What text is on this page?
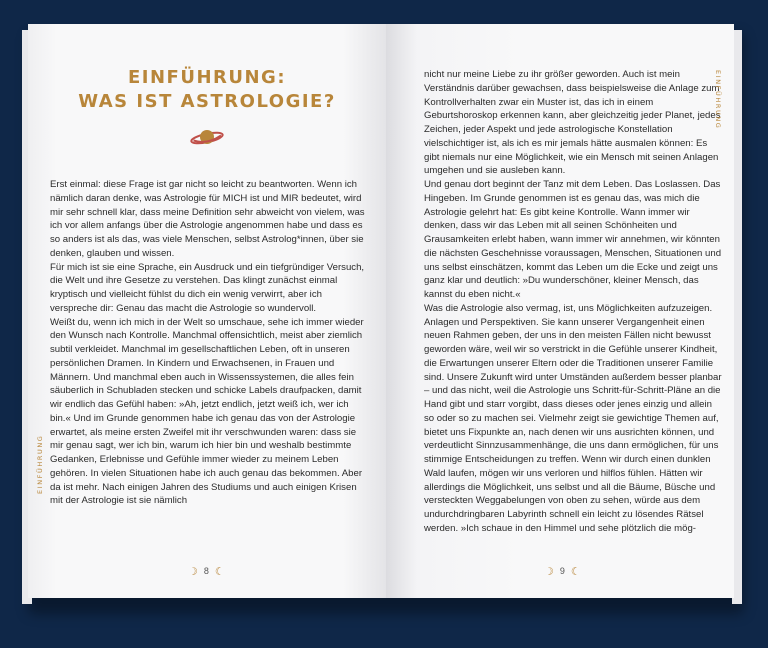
EINFÜHRUNG:
WAS IST ASTROLOGIE?

Erst einmal: diese Frage ist gar nicht so leicht zu beantworten. Wenn ich nämlich daran denke, was Astrologie für MICH ist und MIR bedeutet, wird mir sehr schnell klar, dass meine Definition sehr abweicht von vielem, was ich vor allem anfangs über die Astrologie angenommen habe und dass es so anders ist als das, was viele Menschen, selbst Astrolog*innen, über sie denken, glauben und wissen.

Für mich ist sie eine Sprache, ein Ausdruck und ein tiefgründiger Versuch, die Welt und ihre Gesetze zu verstehen. Das klingt zunächst einmal kryptisch und vielleicht fühlst du dich ein wenig verwirrt, aber ich verspreche dir: Genau das macht die Astrologie so wundervoll.

Weißt du, wenn ich mich in der Welt so umschaue, sehe ich immer wieder den Wunsch nach Kontrolle. Manchmal offensichtlich, meist aber ziemlich subtil verkleidet. Manchmal im gesellschaftlichen Leben, oft in unseren persönlichen Dramen. In Kindern und Erwachsenen, in Frauen und Männern. Und manchmal eben auch in Wissenssystemen, die alles fein säuberlich in Schubladen stecken und schicke Labels draufpacken, damit wir endlich das Gefühl haben: »Ah, jetzt endlich, jetzt weiß ich, wer ich bin.« Und im Grunde genommen habe ich genau das von der Astrologie erwartet, als meine ersten Zweifel mit ihr verschwunden waren: dass sie mir genau sagt, wer ich bin, warum ich hier bin und weshalb bestimmte Gedanken, Erlebnisse und Gefühle immer wieder zu meinem Leben gehören. In vielen Situationen habe ich auch genau das bekommen. Aber da ist mehr. Nach einigen Jahren des Studiums und auch einigen Krisen mit der Astrologie ist sie nämlich

EINFÜHRUNG
☽ 8 ☾

nicht nur meine Liebe zu ihr größer geworden. Auch ist mein Verständnis darüber gewachsen, dass beispielsweise die Anlage zum Kontrollverhalten zwar ein Muster ist, das ich in einem Geburtshoroskop erkennen kann, aber gleichzeitig jeder Planet, jedes Zeichen, jeder Aspekt und jede astrologische Konstellation vielschichtiger ist, als ich es mir jemals hätte ausmalen können: Es gibt niemals nur eine Möglichkeit, wie ein Mensch mit seinen Anlagen umgehen und sie ausleben kann.

Und genau dort beginnt der Tanz mit dem Leben. Das Loslassen. Das Hingeben. Im Grunde genommen ist es genau das, was mich die Astrologie gelehrt hat: Es gibt keine Kontrolle. Wann immer wir denken, dass wir das Leben mit all seinen Schönheiten und Grausamkeiten erlebt haben, wann immer wir annehmen, wir könnten die nächsten Geschehnisse voraussagen, Menschen, Situationen und uns selbst einschätzen, kommt das Leben um die Ecke und zeigt uns ganz klar und deutlich: »Du wunderschöner, kleiner Mensch, das kannst du eben nicht.«

Was die Astrologie also vermag, ist, uns Möglichkeiten aufzuzeigen. Anlagen und Perspektiven. Sie kann unserer Vergangenheit einen neuen Rahmen geben, der uns in den meisten Fällen nicht bewusst geworden wäre, weil wir so verstrickt in die Gefühle unserer Kindheit, die Erwartungen unserer Eltern oder die Traditionen unserer Familie sind. Unsere Zukunft wird unter Umständen außerdem besser planbar – und das nicht, weil die Astrologie uns Schritt-für-Schritt-Pläne an die Hand gibt und starr vorgibt, dass dieses oder jenes einzig und allein so oder so zu machen sei. Vielmehr zeigt sie gewichtige Themen auf, bietet uns Fixpunkte an, nach denen wir uns ausrichten können, und verdeutlicht Sinnzusammenhänge, die uns dann ermöglichen, für uns stimmige Entscheidungen zu treffen. Wenn wir durch einen dunklen Wald laufen, mögen wir uns verloren und hilflos fühlen. Hätten wir allerdings die Möglichkeit, uns selbst und all die Bäume, Büsche und versteckten Weggabelungen von oben zu sehen, würde aus dem undurchdringbaren Labyrinth schnell ein leicht zu lösendes Rätsel werden. »Ich schaue in den Himmel und sehe plötzlich die mög-

EINFÜHRUNG
☽ 9 ☾
